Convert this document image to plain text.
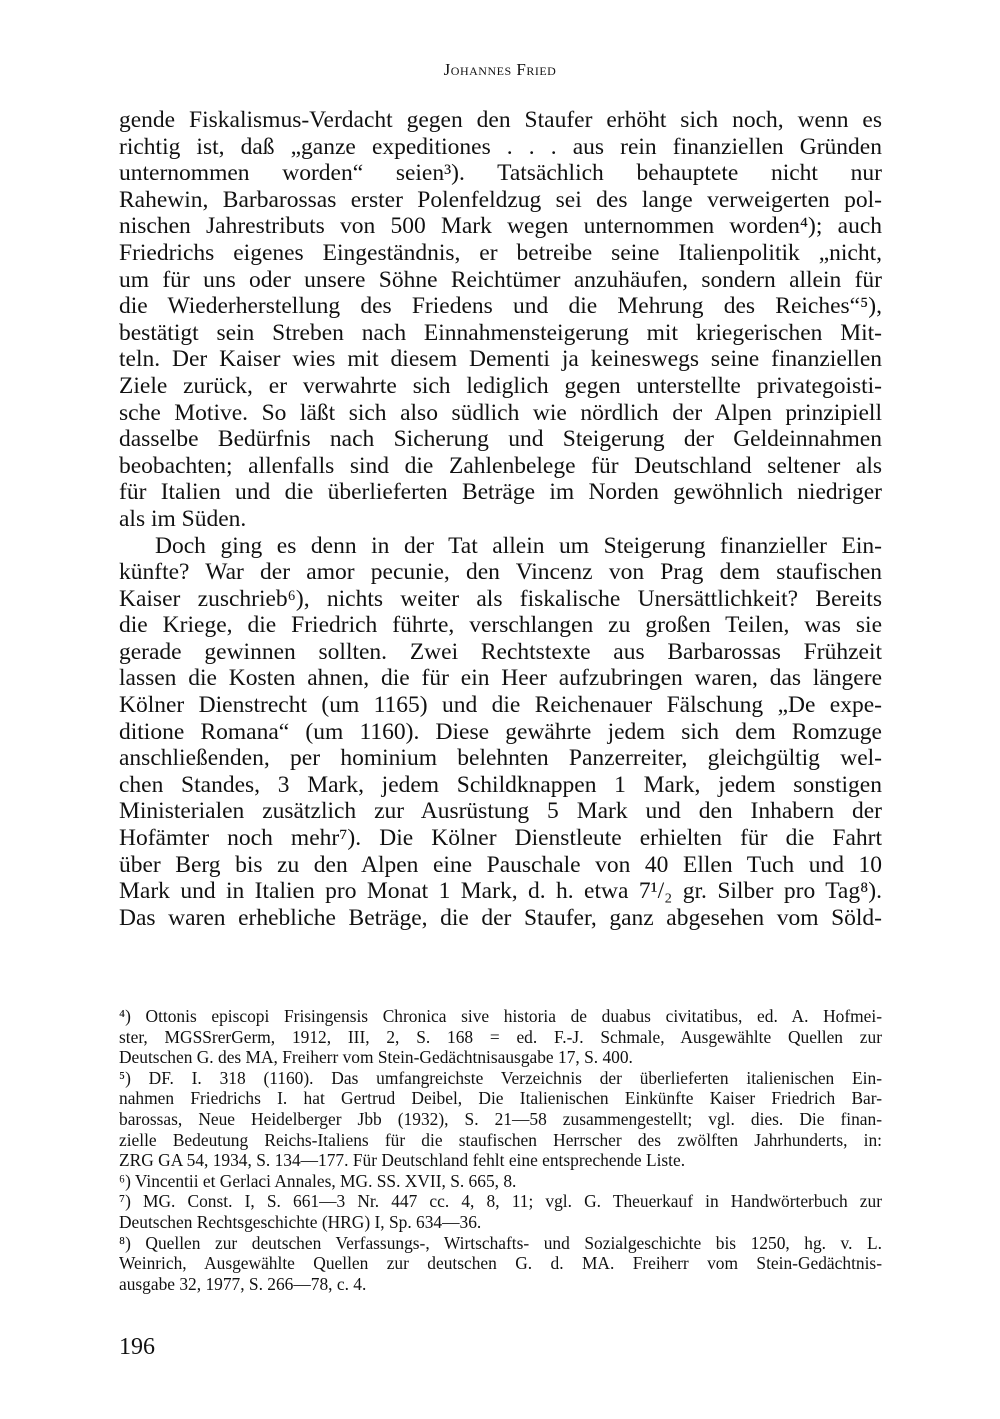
Johannes Fried
gende Fiskalismus-Verdacht gegen den Staufer erhöht sich noch, wenn es
richtig ist, daß „ganze expeditiones . . . aus rein finanziellen Gründen
unternommen worden“ seien³). Tatsächlich behauptete nicht nur
Rahewin, Barbarossas erster Polenfeldzug sei des lange verweigerten pol-
nischen Jahrestributs von 500 Mark wegen unternommen worden⁴); auch
Friedrichs eigenes Eingeständnis, er betreibe seine Italienpolitik „nicht,
um für uns oder unsere Söhne Reichtümer anzuhäufen, sondern allein für
die Wiederherstellung des Friedens und die Mehrung des Reiches“⁵),
bestätigt sein Streben nach Einnahmensteigerung mit kriegerischen Mit-
teln. Der Kaiser wies mit diesem Dementi ja keineswegs seine finanziellen
Ziele zurück, er verwahrte sich lediglich gegen unterstellte privategoisti-
sche Motive. So läßt sich also südlich wie nördlich der Alpen prinzipiell
dasselbe Bedürfnis nach Sicherung und Steigerung der Geldeinnahmen
beobachten; allenfalls sind die Zahlenbelege für Deutschland seltener als
für Italien und die überlieferten Beträge im Norden gewöhnlich niedriger
als im Süden.
Doch ging es denn in der Tat allein um Steigerung finanzieller Ein-
künfte? War der amor pecunie, den Vincenz von Prag dem staufischen
Kaiser zuschrieb⁶), nichts weiter als fiskalische Unersättlichkeit? Bereits
die Kriege, die Friedrich führte, verschlangen zu großen Teilen, was sie
gerade gewinnen sollten. Zwei Rechtstexte aus Barbarossas Frühzeit
lassen die Kosten ahnen, die für ein Heer aufzubringen waren, das längere
Kölner Dienstrecht (um 1165) und die Reichenauer Fälschung „De expe-
ditione Romana“ (um 1160). Diese gewährte jedem sich dem Romzuge
anschließenden, per hominium belehnten Panzerreiter, gleichgültig wel-
chen Standes, 3 Mark, jedem Schildknappen 1 Mark, jedem sonstigen
Ministerialen zusätzlich zur Ausrüstung 5 Mark und den Inhabern der
Hofämter noch mehr⁷). Die Kölner Dienstleute erhielten für die Fahrt
über Berg bis zu den Alpen eine Pauschale von 40 Ellen Tuch und 10
Mark und in Italien pro Monat 1 Mark, d. h. etwa 7¹/₂ gr. Silber pro Tag⁸).
Das waren erhebliche Beträge, die der Staufer, ganz abgesehen vom Söld-
⁴) Ottonis episcopi Frisingensis Chronica sive historia de duabus civitatibus, ed. A. Hofmei-
ster, MGSSrerGerm, 1912, III, 2, S. 168 = ed. F.-J. Schmale, Ausgewählte Quellen zur
Deutschen G. des MA, Freiherr vom Stein-Gedächtnisausgabe 17, S. 400.
⁵) DF. I. 318 (1160). Das umfangreichste Verzeichnis der überlieferten italienischen Ein-
nahmen Friedrichs I. hat Gertrud Deibel, Die Italienischen Einkünfte Kaiser Friedrich Bar-
barossas, Neue Heidelberger Jbb (1932), S. 21—58 zusammengestellt; vgl. dies. Die finan-
zielle Bedeutung Reichs-Italiens für die staufischen Herrscher des zwölften Jahrhunderts, in:
ZRG GA 54, 1934, S. 134—177. Für Deutschland fehlt eine entsprechende Liste.
⁶) Vincentii et Gerlaci Annales, MG. SS. XVII, S. 665, 8.
⁷) MG. Const. I, S. 661—3 Nr. 447 cc. 4, 8, 11; vgl. G. Theuerkauf in Handwörterbuch zur
Deutschen Rechtsgeschichte (HRG) I, Sp. 634—36.
⁸) Quellen zur deutschen Verfassungs-, Wirtschafts- und Sozialgeschichte bis 1250, hg. v. L.
Weinrich, Ausgewählte Quellen zur deutschen G. d. MA. Freiherr vom Stein-Gedächtnis-
ausgabe 32, 1977, S. 266—78, c. 4.
196
